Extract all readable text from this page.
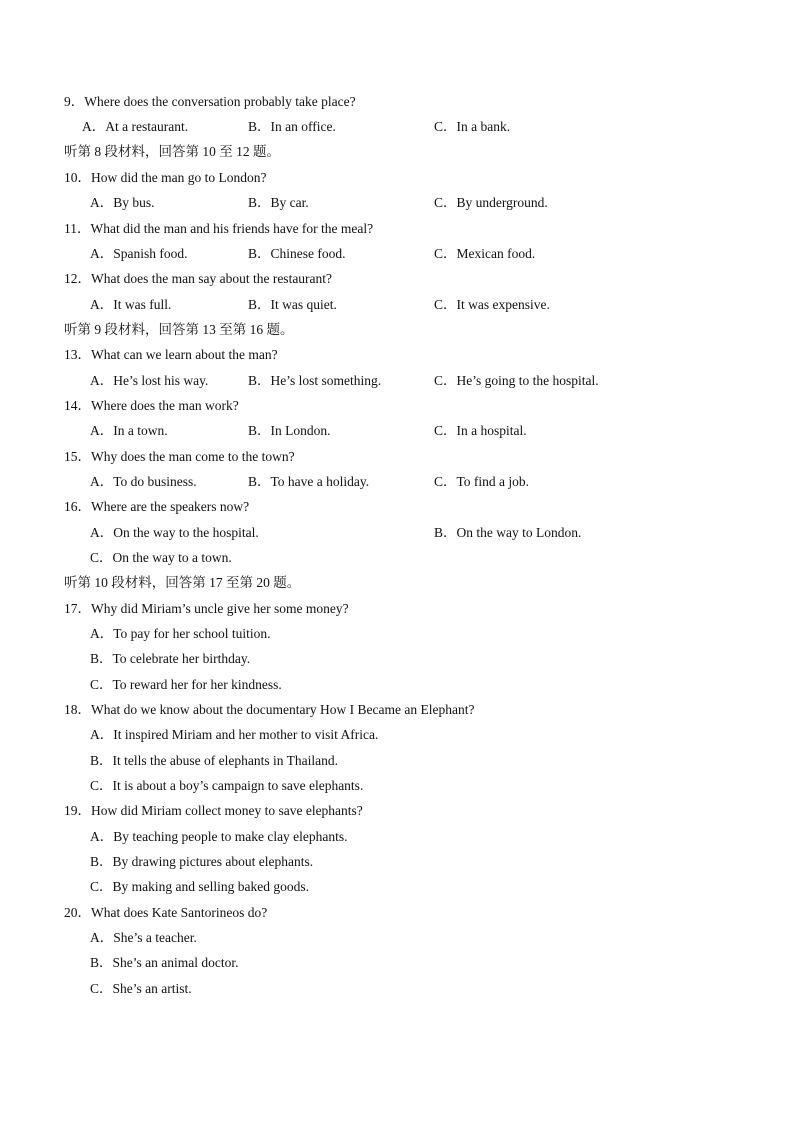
9．Where does the conversation probably take place?
A．At a restaurant.	B．In an office.	C．In a bank.
听第 8 段材料，回答第 10 至 12 题。
10．How did the man go to London?
A．By bus.	B．By car.	C．By underground.
11．What did the man and his friends have for the meal?
A．Spanish food.	B．Chinese food.	C．Mexican food.
12．What does the man say about the restaurant?
A．It was full.	B．It was quiet.	C．It was expensive.
听第 9 段材料，回答第 13 至第 16 题。
13．What can we learn about the man?
A．He’s lost his way.	B．He’s lost something.	C．He’s going to the hospital.
14．Where does the man work?
A．In a town.	B．In London.	C．In a hospital.
15．Why does the man come to the town?
A．To do business.	B．To have a holiday.	C．To find a job.
16．Where are the speakers now?
A．On the way to the hospital.	B．On the way to London.
C．On the way to a town.
听第 10 段材料，回答第 17 至第 20 题。
17．Why did Miriam’s uncle give her some money?
A．To pay for her school tuition.
B．To celebrate her birthday.
C．To reward her for her kindness.
18．What do we know about the documentary How I Became an Elephant?
A．It inspired Miriam and her mother to visit Africa.
B．It tells the abuse of elephants in Thailand.
C．It is about a boy’s campaign to save elephants.
19．How did Miriam collect money to save elephants?
A．By teaching people to make clay elephants.
B．By drawing pictures about elephants.
C．By making and selling baked goods.
20．What does Kate Santorineos do?
A．She’s a teacher.
B．She’s an animal doctor.
C．She’s an artist.
